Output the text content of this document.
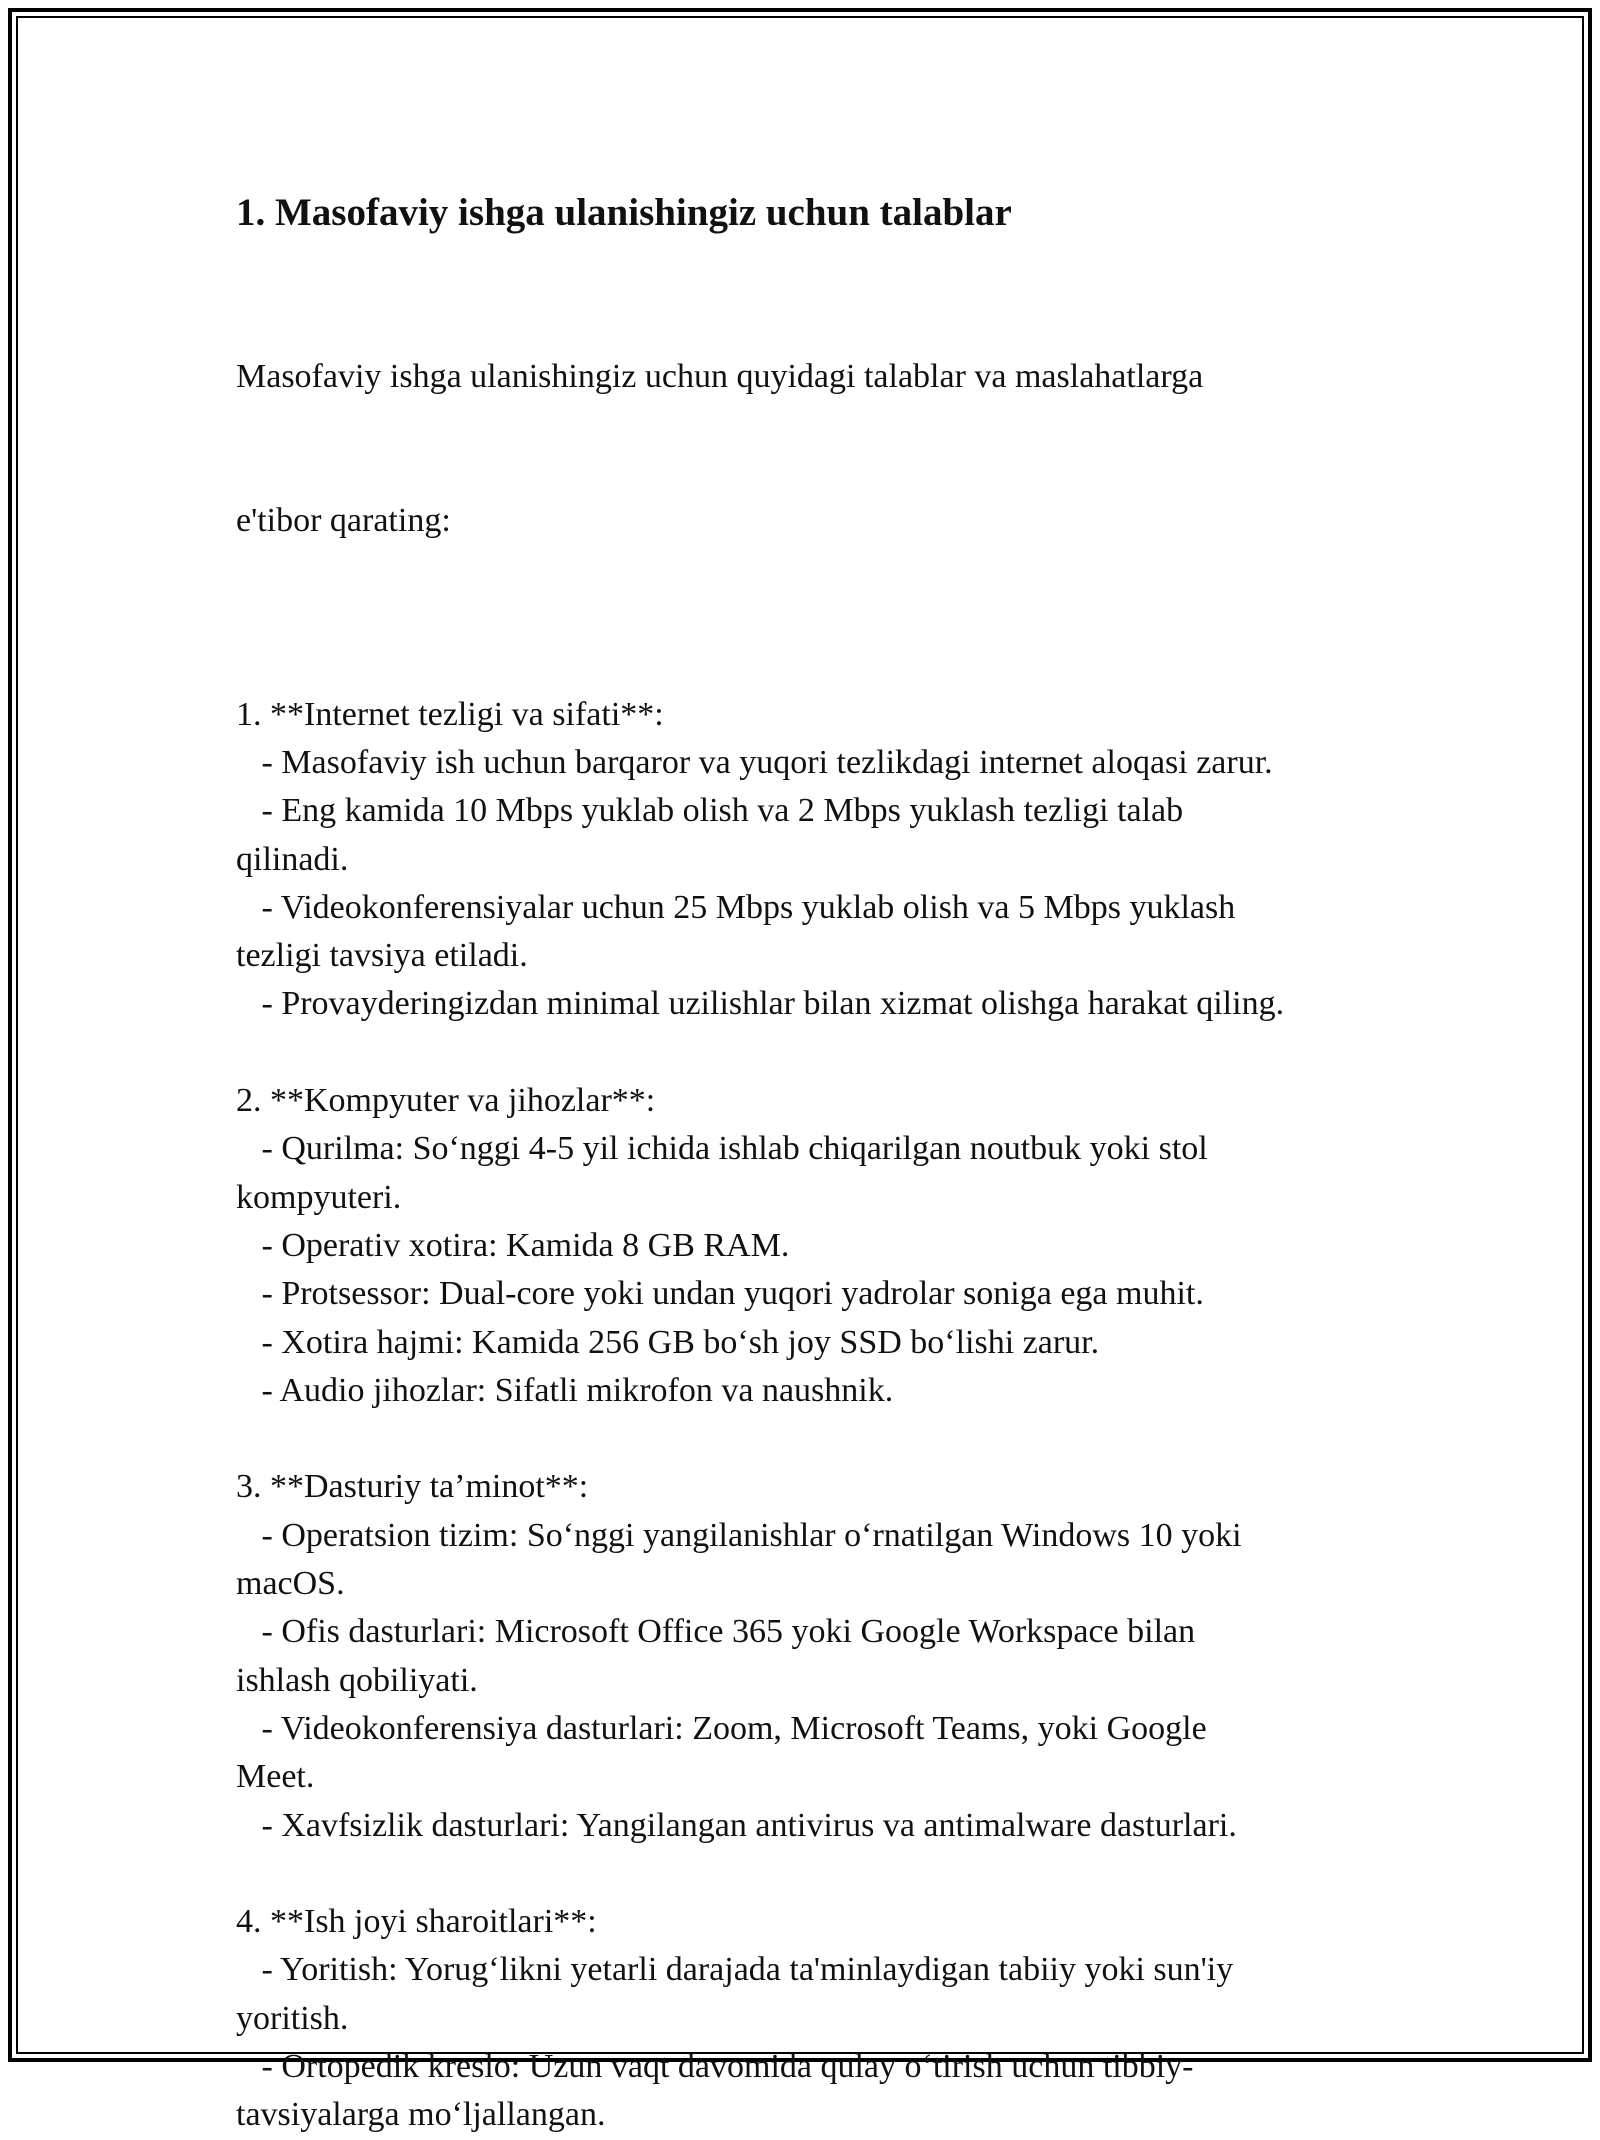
1. Masofaviy ishga ulanishingiz uchun talablar

Masofaviy ishga ulanishingiz uchun quyidagi talablar va maslahatlarga

e'tibor qarating:

1. **Internet tezligi va sifati**:
- Masofaviy ish uchun barqaror va yuqori tezlikdagi internet aloqasi zarur.
- Eng kamida 10 Mbps yuklab olish va 2 Mbps yuklash tezligi talab
qilinadi.
- Videokonferensiyalar uchun 25 Mbps yuklab olish va 5 Mbps yuklash
tezligi tavsiya etiladi.
- Provayderingizdan minimal uzilishlar bilan xizmat olishga harakat qiling.
2. **Kompyuter va jihozlar**:
- Qurilma: So‘nggi 4-5 yil ichida ishlab chiqarilgan noutbuk yoki stol
kompyuteri.
- Operativ xotira: Kamida 8 GB RAM.
- Protsessor: Dual-core yoki undan yuqori yadrolar soniga ega muhit.
- Xotira hajmi: Kamida 256 GB bo‘sh joy SSD bo‘lishi zarur.
- Audio jihozlar: Sifatli mikrofon va naushnik.
3. **Dasturiy ta’minot**:
- Operatsion tizim: So‘nggi yangilanishlar o‘rnatilgan Windows 10 yoki
macOS.
- Ofis dasturlari: Microsoft Office 365 yoki Google Workspace bilan
ishlash qobiliyati.
- Videokonferensiya dasturlari: Zoom, Microsoft Teams, yoki Google
Meet.
- Xavfsizlik dasturlari: Yangilangan antivirus va antimalware dasturlari.
4. **Ish joyi sharoitlari**:
- Yoritish: Yorug‘likni yetarli darajada ta'minlaydigan tabiiy yoki sun'iy
yoritish.
- Ortopedik kreslo: Uzun vaqt davomida qulay o‘tirish uchun tibbiy-
tavsiyalarga mo‘ljallangan.
